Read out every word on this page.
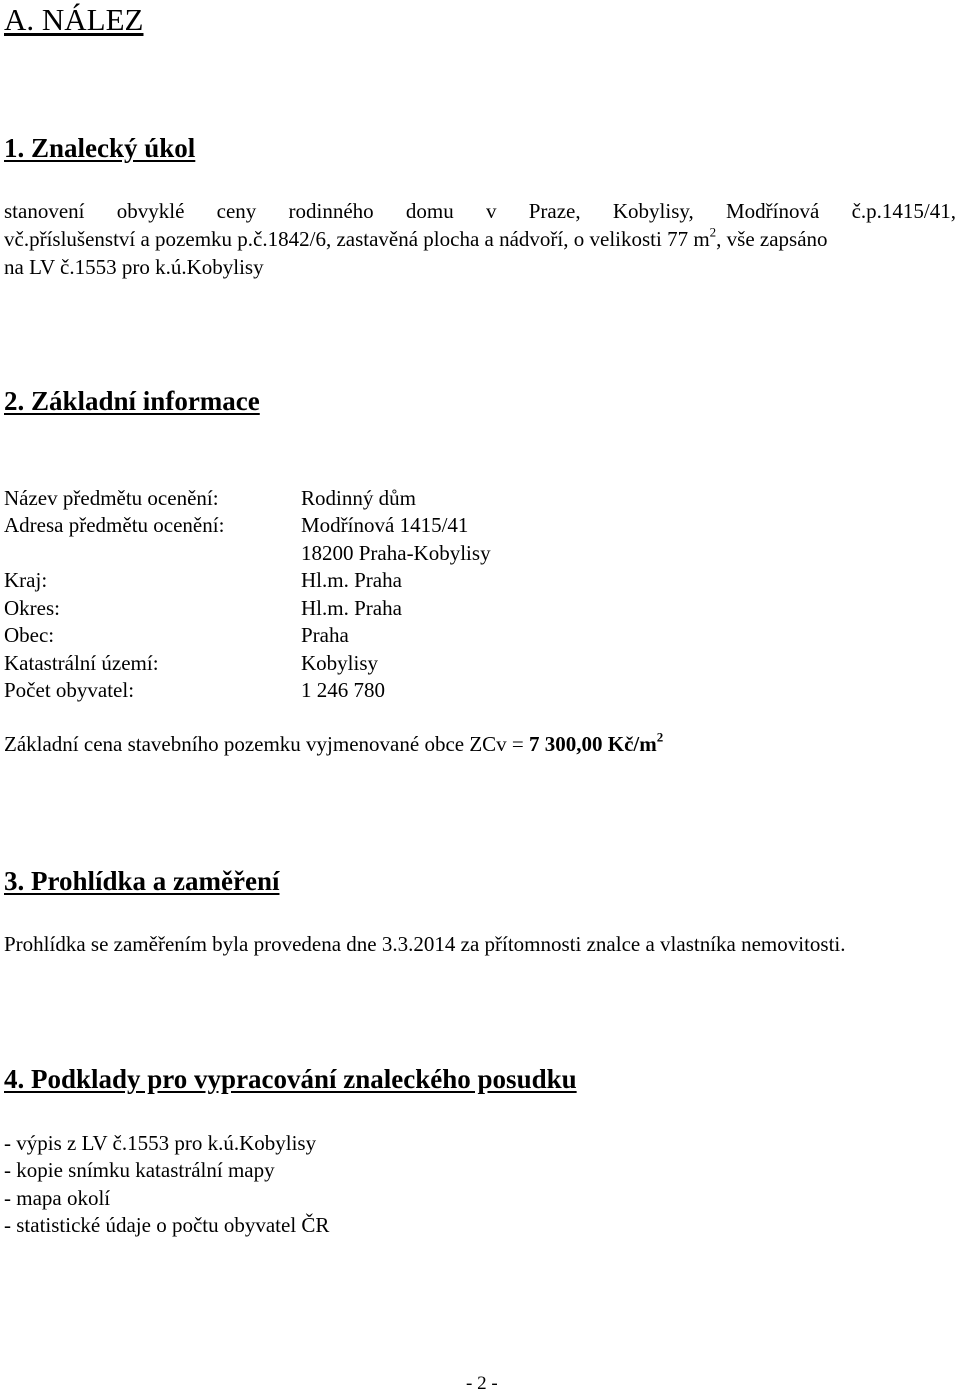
A. NÁLEZ
1. Znalecký úkol
stanovení obvyklé ceny rodinného domu v Praze, Kobylisy, Modřínová č.p.1415/41,
vč.příslušenství a pozemku p.č.1842/6, zastavěná plocha a nádvoří, o velikosti 77 $m^2$, vše zapsáno
na LV č.1553 pro k.ú.Kobylisy
2. Základní informace
Název předmětu ocenění:	Rodinný dům
Adresa předmětu ocenění:	Modřínová 1415/41
18200 Praha-Kobylisy
Kraj:	Hl.m. Praha
Okres:	Hl.m. Praha
Obec:	Praha
Katastrální území:	Kobylisy
Počet obyvatel:	1 246 780
Základní cena stavebního pozemku vyjmenované obce ZCv = 7 300,00 $Kč/m^2$
3. Prohlídka a zaměření
Prohlídka se zaměřením byla provedena dne 3.3.2014 za přítomnosti znalce a vlastníka nemovitosti.
4. Podklady pro vypracování znaleckého posudku
- výpis z LV č.1553 pro k.ú.Kobylisy
- kopie snímku katastrální mapy
- mapa okolí
- statistické údaje o počtu obyvatel ČR
- 2 -
